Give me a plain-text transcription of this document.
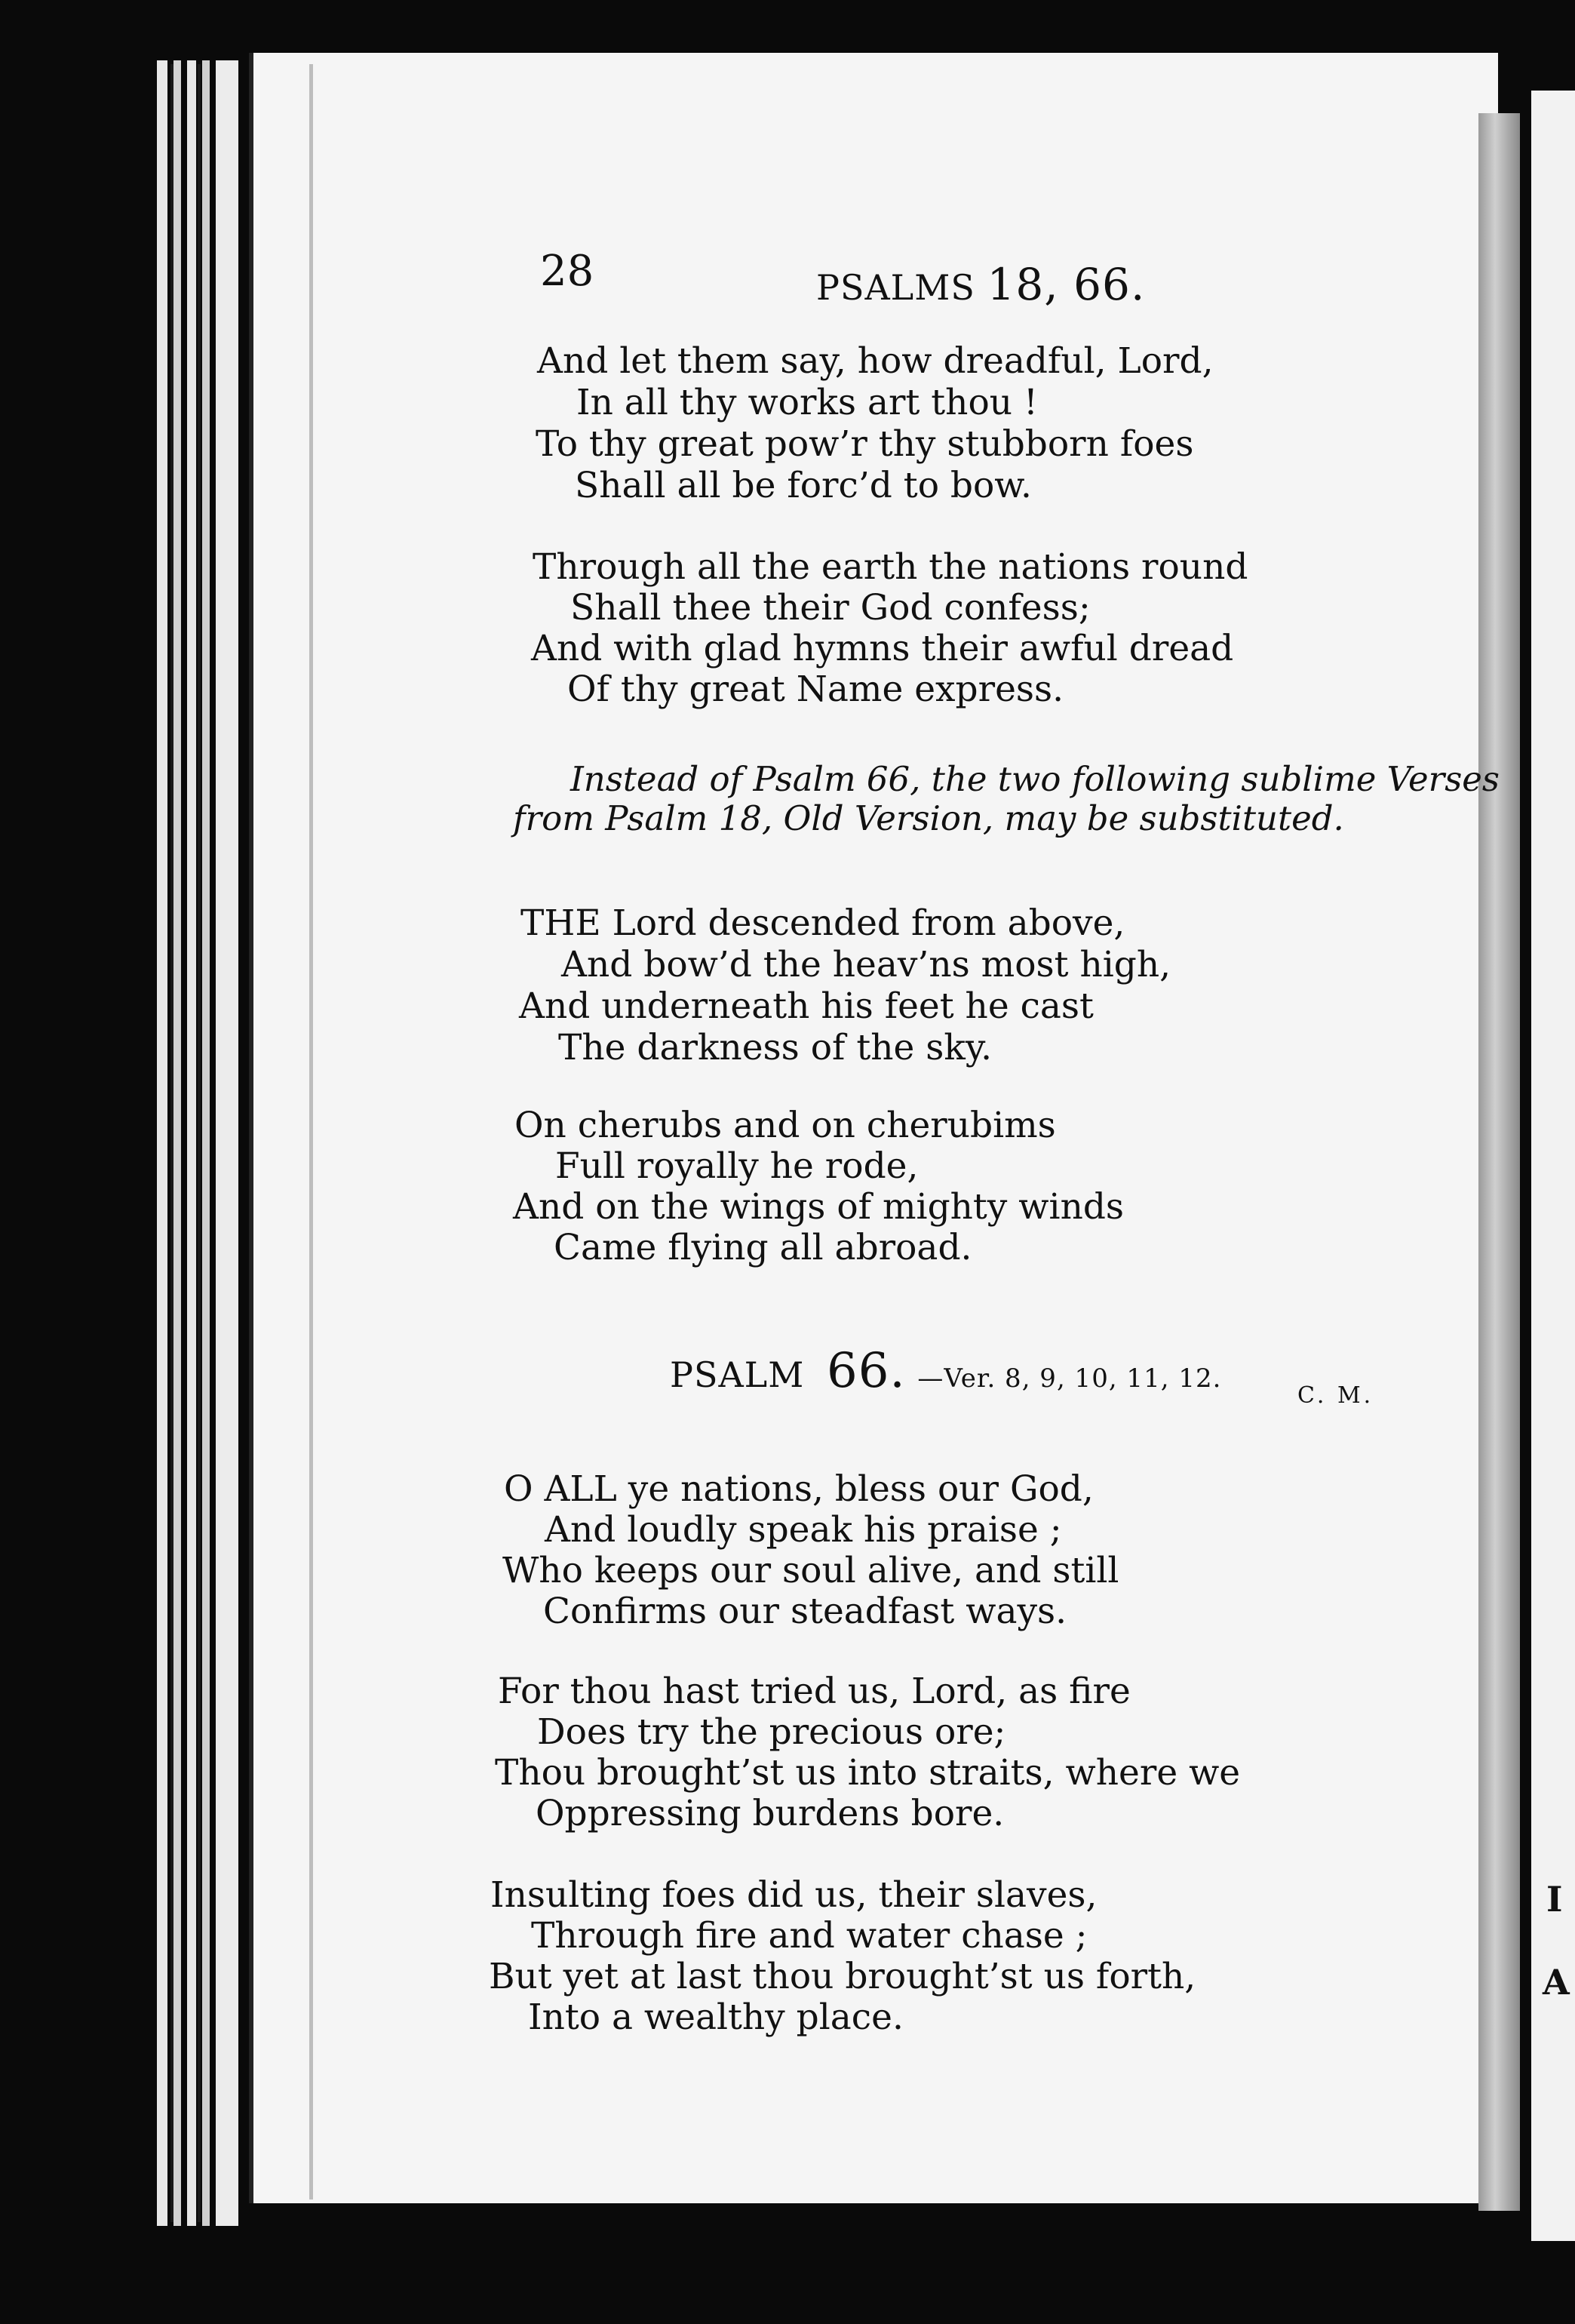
I
A
28	PSALMS 18, 66.
And let them say, how dreadful, Lord,
In all thy works art thou !
To thy great pow’r thy stubborn foes
Shall all be forc’d to bow.
Through all the earth the nations round
Shall thee their God confess;
And with glad hymns their awful dread
Of thy great Name express.
Instead of Psalm 66, the two following sublime Verses
from Psalm 18, Old Version, may be substituted.
THE Lord descended from above,
And bow’d the heav’ns most high,
And underneath his feet he cast
The darkness of the sky.
On cherubs and on cherubims
Full royally he rode,
And on the wings of mighty winds
Came flying all abroad.
PSALM 66. —Ver. 8, 9, 10, 11, 12.
C. M.
O ALL ye nations, bless our God,
And loudly speak his praise ;
Who keeps our soul alive, and still
Confirms our steadfast ways.
For thou hast tried us, Lord, as fire
Does try the precious ore;
Thou brought’st us into straits, where we
Oppressing burdens bore.
Insulting foes did us, their slaves,
Through fire and water chase ;
But yet at last thou brought’st us forth,
Into a wealthy place.
